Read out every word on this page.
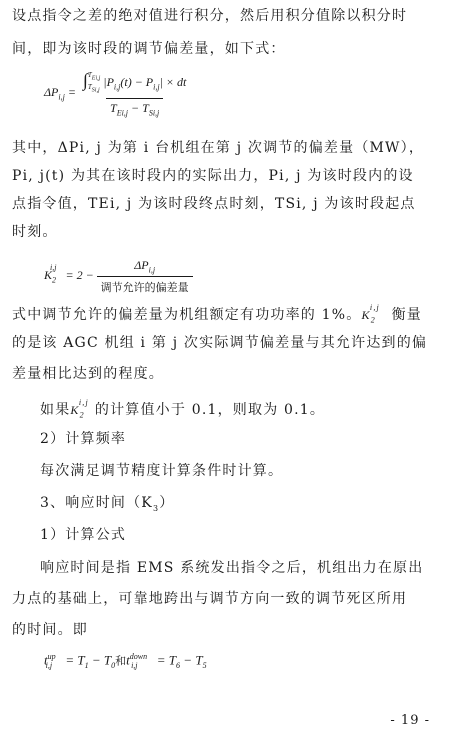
设点指令之差的绝对值进行积分，然后用积分值除以积分时
间，即为该时段的调节偏差量，如下式：
$\Delta P_{i,j}$ = ∫ $T_{Ei,j}$
$T_{Si,j}$
$|P_{i,j}(t) - P_{i,j}|$ × dt
$T_{Ei,j} - T_{Si,j}$
其中，ΔPi, j 为第 i 台机组在第 j 次调节的偏差量（MW），
Pi, j(t) 为其在该时段内的实际出力，Pi, j 为该时段内的设
点指令值，TEi, j 为该时段终点时刻，TSi, j 为该时段起点
时刻。
$K_2^{i,j} = 2 - \frac{\Delta P_{i,j}}{\text{调节允许的偏差量}}$
式中调节允许的偏差量为机组额定有功功率的 1%。$K_2^{i,j}$ 衡量
的是该 AGC 机组 i 第 j 次实际调节偏差量与其允许达到的偏
差量相比达到的程度。
如果$K_2^{i,j}$ 的计算值小于 0.1，则取为 0.1。
2）计算频率
每次满足调节精度计算条件时计算。
3、响应时间$(K_3)$
1）计算公式
响应时间是指 EMS 系统发出指令之后，机组出力在原出
力点的基础上，可靠地跨出与调节方向一致的调节死区所用
的时间。即
$t^{up}_{i,j} = T_1 - T_0$和$t^{down}_{i,j} = T_6 - T_5$
- 19 -
